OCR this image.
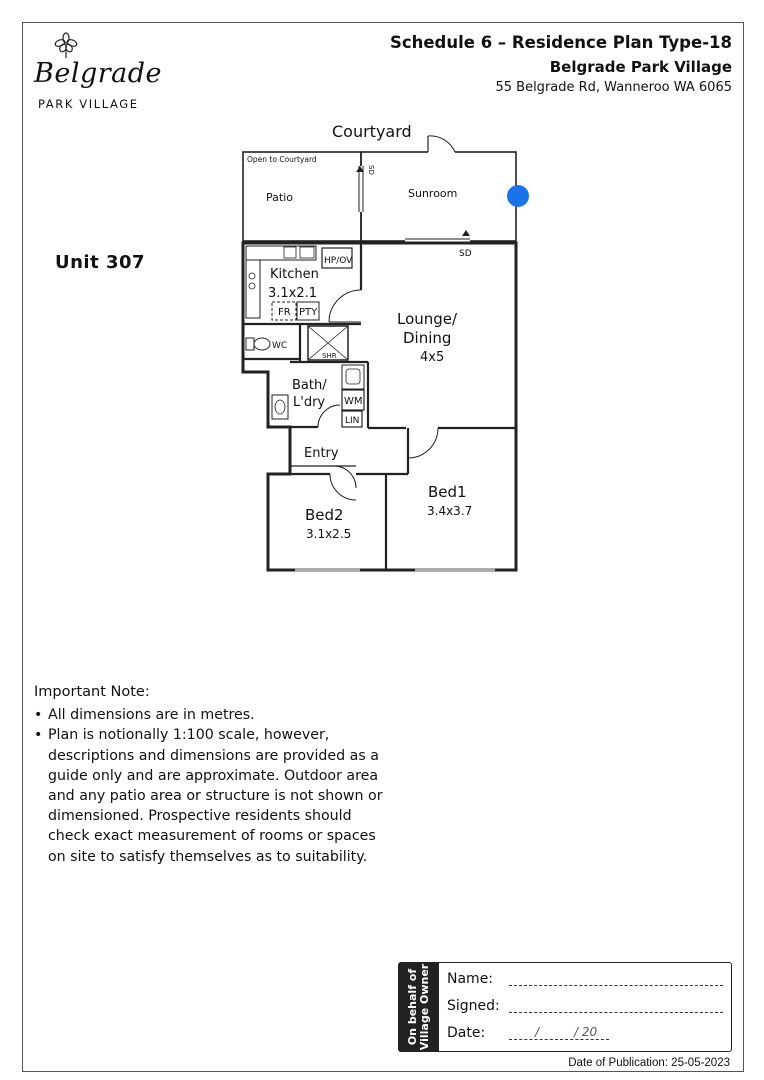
Belgrade
PARK VILLAGE
Schedule 6 – Residence Plan Type-18
Belgrade Park Village
55 Belgrade Rd, Wanneroo WA 6065
Unit 307
Courtyard
Open to Courtyard
Patio	Sunroom
SD
SD
Kitchen
3.1x2.1
FR PTY
HP/OV
WC
SHR
Bath/
L'dry WM
LIN
Lounge/
Dining
4x5
Entry
Bed1
3.4x3.7
Bed2
3.1x2.5
Important Note:
• All dimensions are in metres.
• Plan is notionally 1:100 scale, however, descriptions and dimensions are provided as a guide only and are approximate. Outdoor area and any patio area or structure is not shown or dimensioned. Prospective residents should check exact measurement of rooms or spaces on site to satisfy themselves as to suitability.
On behalf of Village Owner Name:
Signed:
Date:	/	/ 20
Date of Publication: 25-05-2023
